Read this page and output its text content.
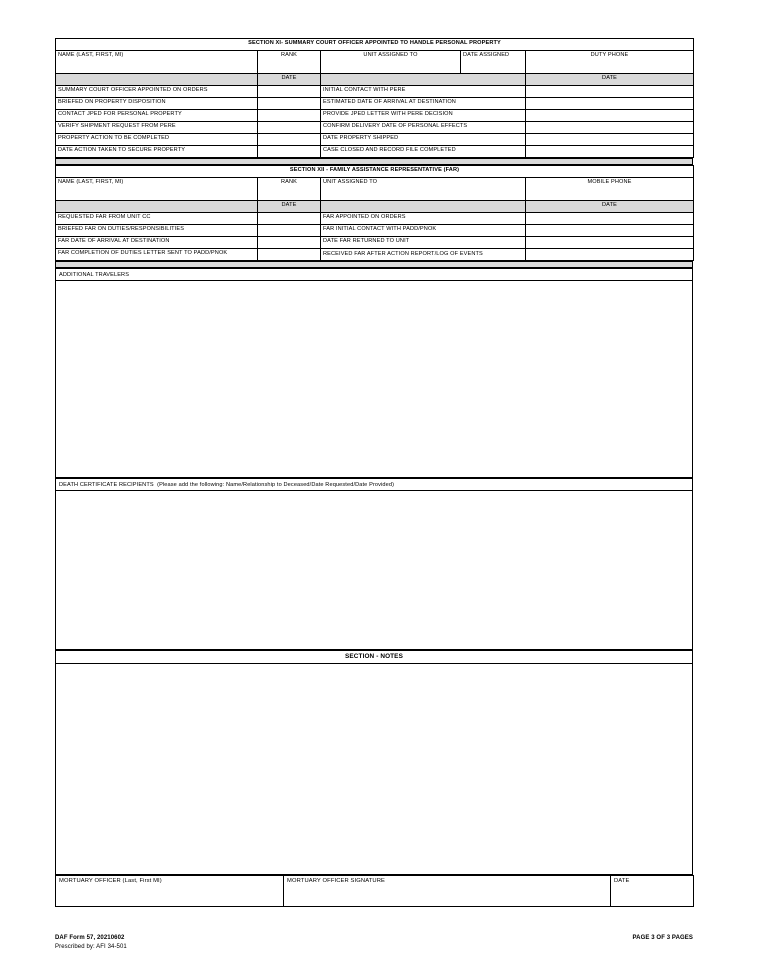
SECTION XI- SUMMARY COURT OFFICER APPOINTED TO HANDLE PERSONAL PROPERTY				
NAME (LAST, FIRST, MI)	RANK	UNIT ASSIGNED TO	DATE ASSIGNED	DUTY PHONE
	DATE			DATE
SUMMARY COURT OFFICER APPOINTED ON ORDERS		INITIAL CONTACT WITH PERE		
BRIEFED ON PROPERTY DISPOSITION		ESTIMATED DATE OF ARRIVAL AT DESTINATION		
CONTACT JPED FOR PERSONAL PROPERTY		PROVIDE JPED LETTER WITH PERE DECISION		
VERIFY SHIPMENT REQUEST FROM PERE		CONFIRM DELIVERY DATE OF PERSONAL EFFECTS		
PROPERTY ACTION TO BE COMPLETED		DATE PROPERTY SHIPPED		
DATE ACTION TAKEN TO SECURE PROPERTY		CASE CLOSED AND RECORD FILE COMPLETED		
SECTION XII - FAMILY ASSISTANCE REPRESENTATIVE (FAR)			
NAME (LAST, FIRST, MI)	RANK	UNIT ASSIGNED TO	MOBILE PHONE
	DATE		DATE
REQUESTED FAR FROM UNIT CC		FAR APPOINTED ON ORDERS	
BRIEFED FAR ON DUTIES/RESPONSIBILITIES		FAR INITIAL CONTACT WITH PADD/PNOK	
FAR DATE OF ARRIVAL AT DESTINATION		DATE FAR RETURNED TO UNIT	
FAR COMPLETION OF DUTIES LETTER SENT TO PADD/PNOK		RECEIVED FAR AFTER ACTION REPORT/LOG OF EVENTS	
ADDITIONAL TRAVELERS
DEATH CERTIFICATE RECIPIENTS (Please add the following: Name/Relationship to Deceased/Date Requested/Date Provided)
SECTION - NOTES
MORTUARY OFFICER (Last, First MI)	MORTUARY OFFICER SIGNATURE	DATE
DAF Form 57, 20210602	PAGE 3 OF 3 PAGES
Prescribed by: AFI 34-501
